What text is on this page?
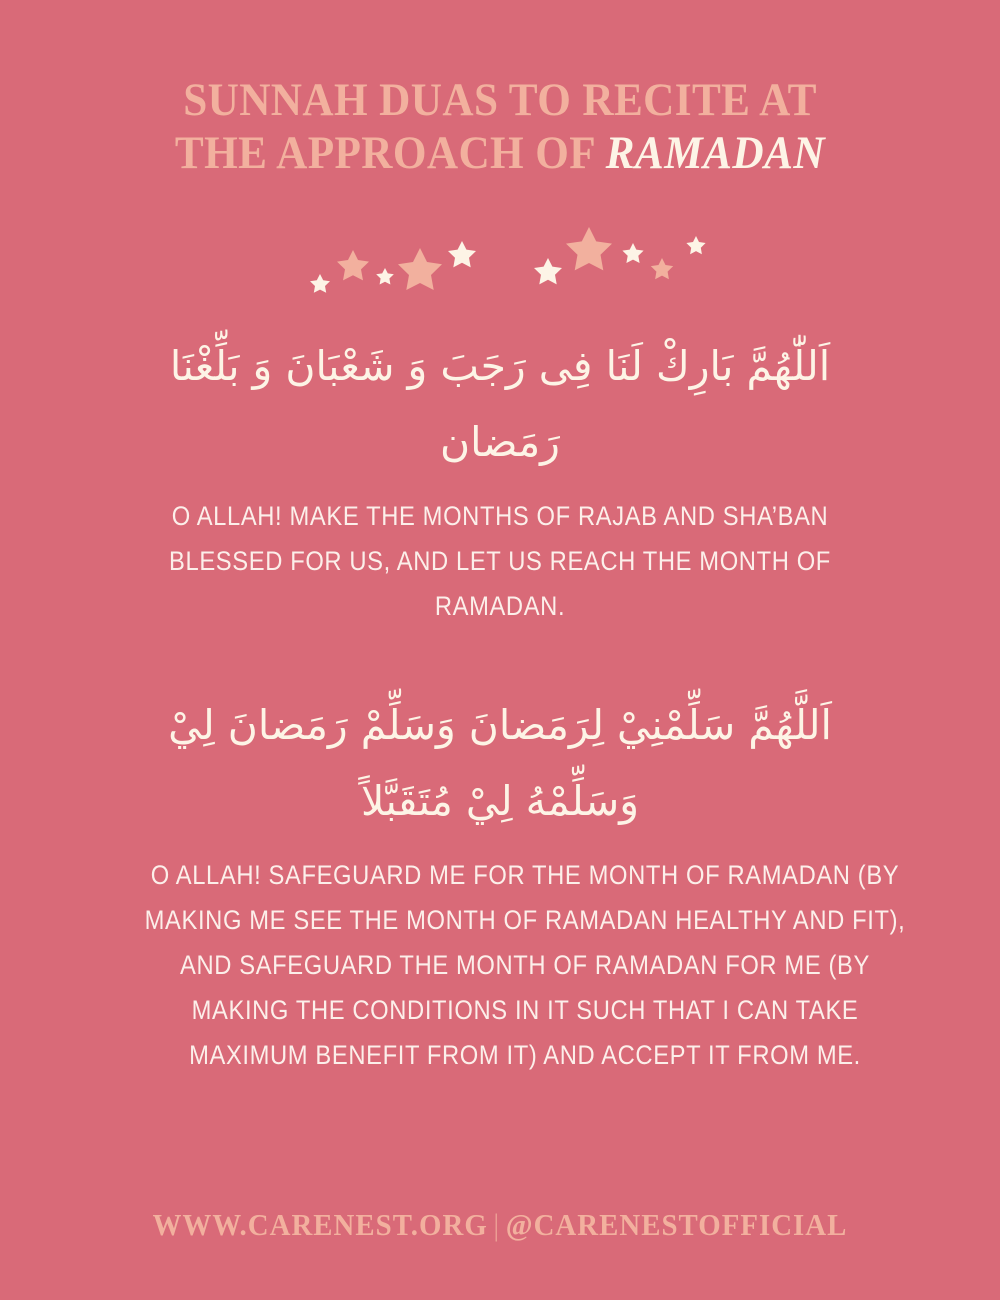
SUNNAH DUAS TO RECITE AT
THE APPROACH OF RAMADAN
اَللّٰهُمَّ بَارِكْ لَنَا فِى رَجَبَ وَ شَعْبَانَ وَ بَلِّغْنَا
رَمَضان
O ALLAH! MAKE THE MONTHS OF RAJAB AND SHA’BAN BLESSED FOR US, AND LET US REACH THE MONTH OF RAMADAN.
اَللَّهُمَّ سَلِّمْنِيْ لِرَمَضانَ وَسَلِّمْ رَمَضانَ لِيْ
وَسَلِّمْهُ لِيْ مُتَقَبَّلاً
O ALLAH! SAFEGUARD ME FOR THE MONTH OF RAMADAN (BY MAKING ME SEE THE MONTH OF RAMADAN HEALTHY AND FIT), AND SAFEGUARD THE MONTH OF RAMADAN FOR ME (BY MAKING THE CONDITIONS IN IT SUCH THAT I CAN TAKE MAXIMUM BENEFIT FROM IT) AND ACCEPT IT FROM ME.
WWW.CARENEST.ORG | @CARENESTOFFICIAL
